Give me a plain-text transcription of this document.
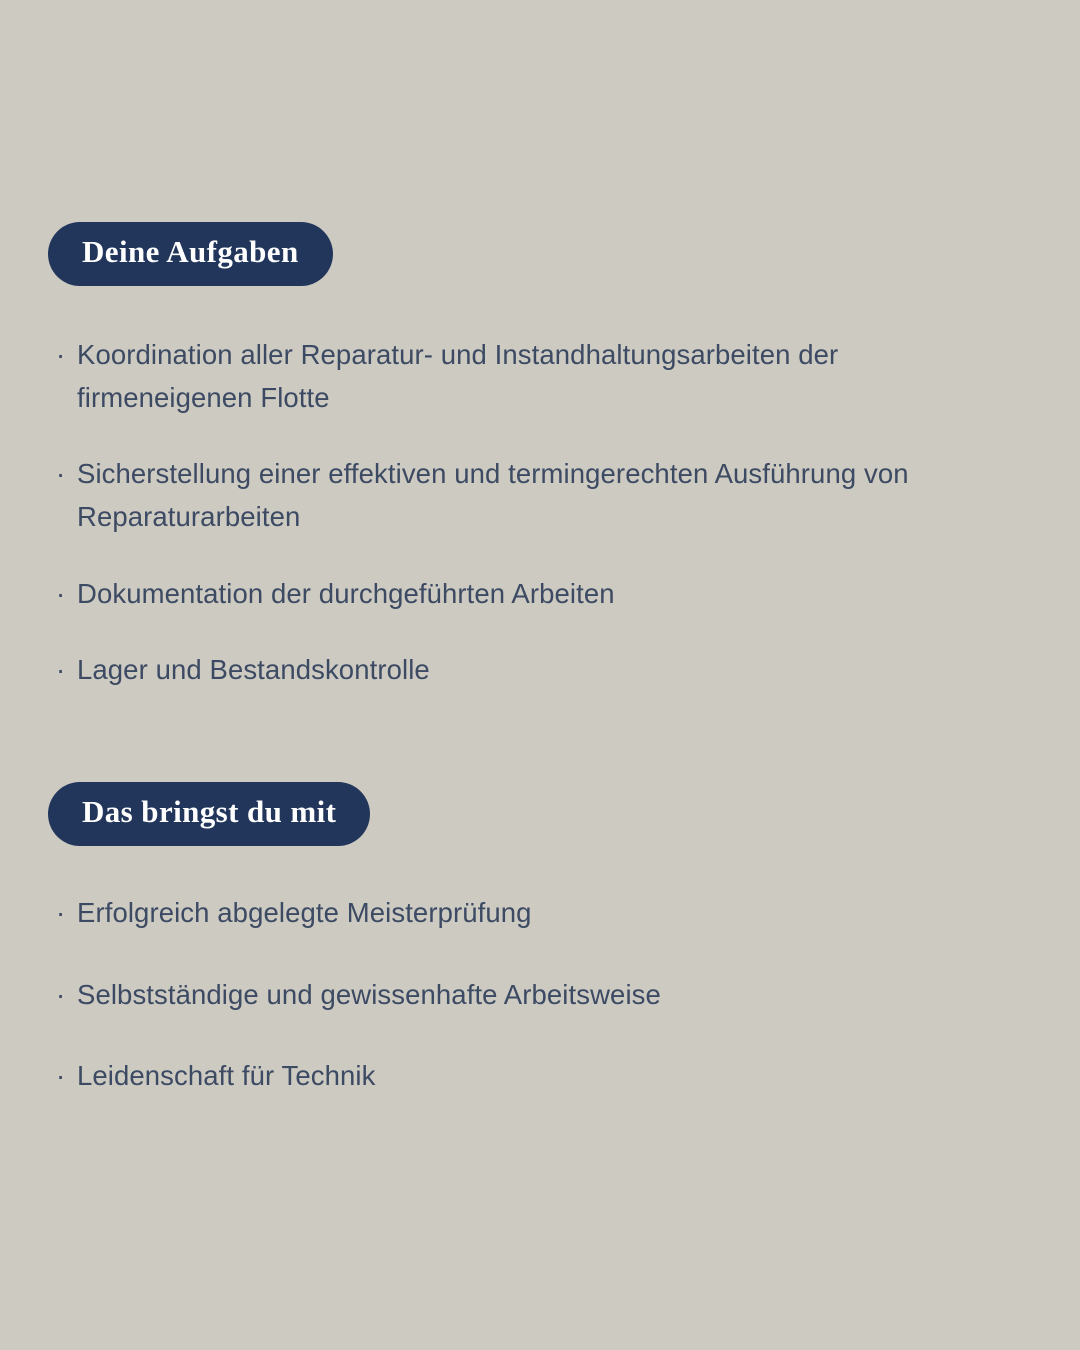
Deine Aufgaben
· Koordination aller Reparatur- und Instandhaltungsarbeiten der firmeneigenen Flotte
· Sicherstellung einer effektiven und termingerechten Ausführung von Reparaturarbeiten
· Dokumentation der durchgeführten Arbeiten
· Lager und Bestandskontrolle
Das bringst du mit
· Erfolgreich abgelegte Meisterprüfung
· Selbstständige und gewissenhafte Arbeitsweise
· Leidenschaft für Technik
